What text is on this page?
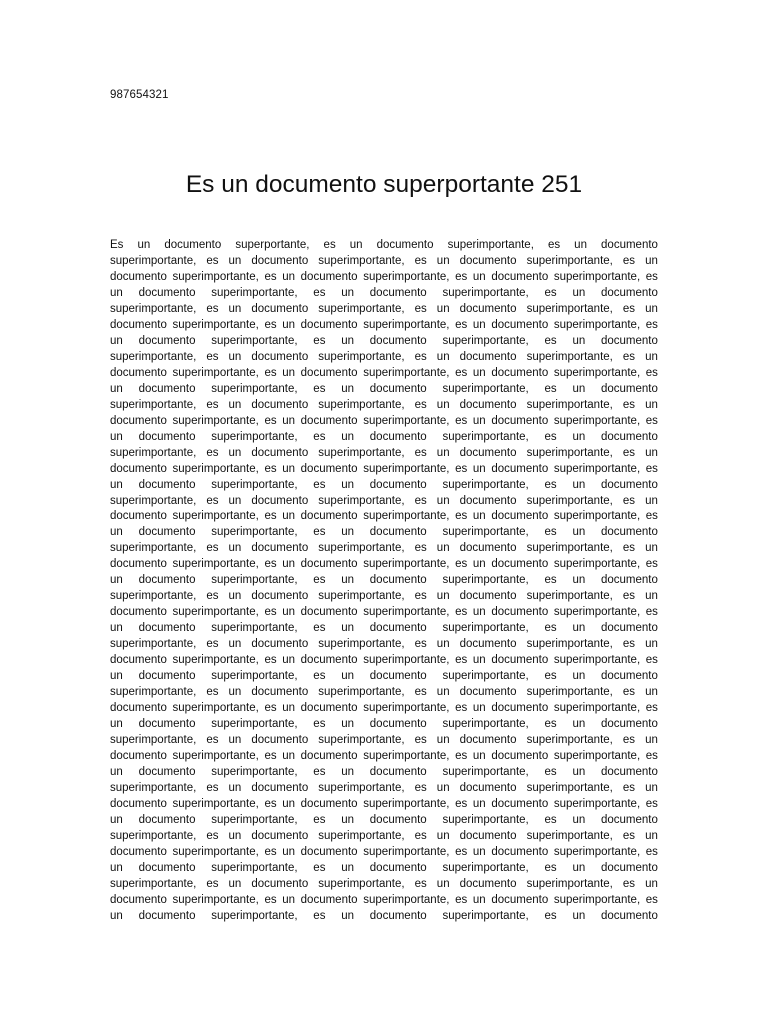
987654321
Es un documento superportante 251
Es un documento superportante, es un documento superimportante, es un documento
superimportante, es un documento superimportante, es un documento superimportante, es un
documento superimportante, es un documento superimportante, es un documento superimportante, es
un documento superimportante, es un documento superimportante, es un documento
superimportante, es un documento superimportante, es un documento superimportante, es un
documento superimportante, es un documento superimportante, es un documento superimportante, es
un documento superimportante, es un documento superimportante, es un documento
superimportante, es un documento superimportante, es un documento superimportante, es un
documento superimportante, es un documento superimportante, es un documento superimportante, es
un documento superimportante, es un documento superimportante, es un documento
superimportante, es un documento superimportante, es un documento superimportante, es un
documento superimportante, es un documento superimportante, es un documento superimportante, es
un documento superimportante, es un documento superimportante, es un documento
superimportante, es un documento superimportante, es un documento superimportante, es un
documento superimportante, es un documento superimportante, es un documento superimportante, es
un documento superimportante, es un documento superimportante, es un documento
superimportante, es un documento superimportante, es un documento superimportante, es un
documento superimportante, es un documento superimportante, es un documento superimportante, es
un documento superimportante, es un documento superimportante, es un documento
superimportante, es un documento superimportante, es un documento superimportante, es un
documento superimportante, es un documento superimportante, es un documento superimportante, es
un documento superimportante, es un documento superimportante, es un documento
superimportante, es un documento superimportante, es un documento superimportante, es un
documento superimportante, es un documento superimportante, es un documento superimportante, es
un documento superimportante, es un documento superimportante, es un documento
superimportante, es un documento superimportante, es un documento superimportante, es un
documento superimportante, es un documento superimportante, es un documento superimportante, es
un documento superimportante, es un documento superimportante, es un documento
superimportante, es un documento superimportante, es un documento superimportante, es un
documento superimportante, es un documento superimportante, es un documento superimportante, es
un documento superimportante, es un documento superimportante, es un documento
superimportante, es un documento superimportante, es un documento superimportante, es un
documento superimportante, es un documento superimportante, es un documento superimportante, es
un documento superimportante, es un documento superimportante, es un documento
superimportante, es un documento superimportante, es un documento superimportante, es un
documento superimportante, es un documento superimportante, es un documento superimportante, es
un documento superimportante, es un documento superimportante, es un documento
superimportante, es un documento superimportante, es un documento superimportante, es un
documento superimportante, es un documento superimportante, es un documento superimportante, es
un documento superimportante, es un documento superimportante, es un documento
superimportante, es un documento superimportante, es un documento superimportante, es un
documento superimportante, es un documento superimportante, es un documento superimportante, es
un documento superimportante, es un documento superimportante, es un documento
